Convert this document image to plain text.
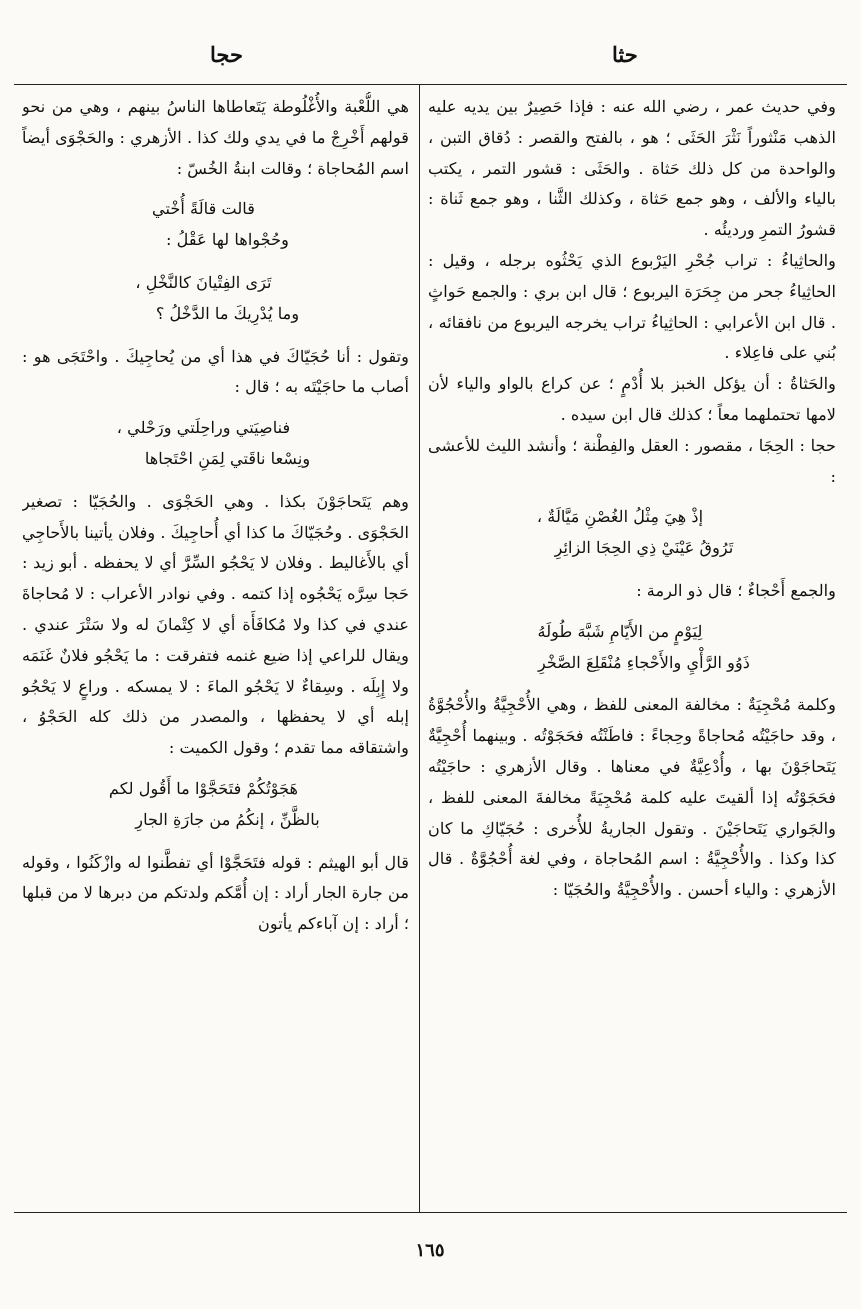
حثا
حجا

وفي حديث عمر ، رضي الله عنه : فإذا حَصِيرٌ بين يديه عليه الذهب مَنْثوراً نَثْرَ الحَثَى ؛ هو ، بالفتح والقصر : دُقاق التبن ، والواحدة من كل ذلك حَثاة . والحَثَى : قشور التمر ، يكتب بالياء والألف ، وهو جمع حَثاة ، وكذلك الثَّنا ، وهو جمع ثَناة : قشورُ التمرِ ورديئُه .

والحاثِياءُ : تراب جُحْرِ اليَرْبوع الذي يَحْثُوه برجله ، وقيل : الحاثِياءُ جحر من جِحَرَة اليربوع ؛ قال ابن بري : والجمع حَواثٍ . قال ابن الأعرابي : الحاثِياءُ تراب يخرجه اليربوع من نافقائه ، بُني على فاعِلاء .

والحَثاةُ : أن يؤكل الخبز بلا أُدْمٍ ؛ عن كراع بالواو والياء لأن لامها تحتملهما معاً ؛ كذلك قال ابن سيده .

حجا : الحِجَا ، مقصور : العقل والفِطْنة ؛ وأنشد الليث للأعشى :

إذْ هِيَ مِثْلُ الغُصْنِ مَيَّالَةٌ ،
تَرُوقُ عَيْنَيْ ذِي الحِجَا الزائِرِ

والجمع أَحْجاءٌ ؛ قال ذو الرمة :

لِيَوْمٍ من الأَيّامِ شَبَّهَ طُولَهُ
ذَوُو الرَّأْيِ والأَحْجاءِ مُنْقَلِعَ الصَّخْرِ

وكلمة مُحْجِيَةٌ : مخالفة المعنى للفظ ، وهي الأُحْجِيَّةُ والأُحْجُوَّةُ ، وقد حاجَيْتُه مُحاجاةً وحِجاءً : فاطَنْتُه فحَجَوْتُه . وبينهما أُحْجِيَّةٌ يَتَحاجَوْنَ بها ، وأُدْعِيَّةٌ في معناها . وقال الأزهري : حاجَيْتُه فحَجَوْتُه إذا ألقيتَ عليه كلمة مُحْجِيَةً مخالفةَ المعنى للفظ ، والجَواري يَتَحاجَيْنَ . وتقول الجاريةُ للأُخرى : حُجَيّاكِ ما كان كذا وكذا . والأُحْجِيَّةُ : اسم المُحاجاة ، وفي لغة أُحْجُوَّةٌ . قال الأزهري : والياء أحسن . والأُحْجِيَّةُ والحُجَيّا :

هي اللُّعْبة والأُغْلُوطة يَتَعاطاها الناسُ بينهم ، وهي من نحو قولهم أَخْرِجْ ما في يدي ولك كذا . الأزهري : والحَجْوَى أيضاً اسم المُحاجاة ؛ وقالت ابنةُ الخُسّ :

قالت قالَةً أُخْتي
وحُجْواها لها عَقْلُ :
تَرَى الفِتْيانَ كالنَّخْلِ ،
وما يُدْرِيكَ ما الدَّخْلُ ؟

وتقول : أنا حُجَيّاكَ في هذا أي من يُحاجِيكَ . واحْتَجَى هو : أصاب ما حاجَيْتَه به ؛ قال :

فناصِيَتي وراحِلَتي ورَحْلي ،
ونِسْعا ناقَتي لِمَنِ احْتَجاها

وهم يَتَحاجَوْنَ بكذا . وهي الحَجْوَى . والحُجَيّا : تصغير الحَجْوَى . وحُجَيّاكَ ما كذا أي أُحاجِيكَ . وفلان يأتينا بالأَحاجِي أي بالأَغاليط . وفلان لا يَحْجُو السِّرَّ أي لا يحفظه . أبو زيد : حَجا سِرَّه يَحْجُوه إذا كتمه . وفي نوادر الأعراب : لا مُحاجاةَ عندي في كذا ولا مُكافَأَة أي لا كِتْمانَ له ولا سَتْرَ عندي . ويقال للراعي إذا ضيع غنمه فتفرقت : ما يَحْجُو فلانٌ غَنَمَه ولا إِبِلَه . وسِقاءٌ لا يَحْجُو الماءَ : لا يمسكه . وراعٍ لا يَحْجُو إبله أي لا يحفظها ، والمصدر من ذلك كله الحَجْوُ ، واشتقاقه مما تقدم ؛ وقول الكميت :

هَجَوْتُكُمْ فتَحَجَّوْا ما أَقُول لكم
بالظَّنِّ ، إنكُمُ من جارَةِ الجارِ

قال أبو الهيثم : قوله فتَحَجَّوْا أي تفطَّنوا له وازْكَنُوا ، وقوله من جارة الجار أراد : إن أُمَّكم ولدتكم من دبرها لا من قبلها ؛ أراد : إن آباءكم يأتون

١٦٥
